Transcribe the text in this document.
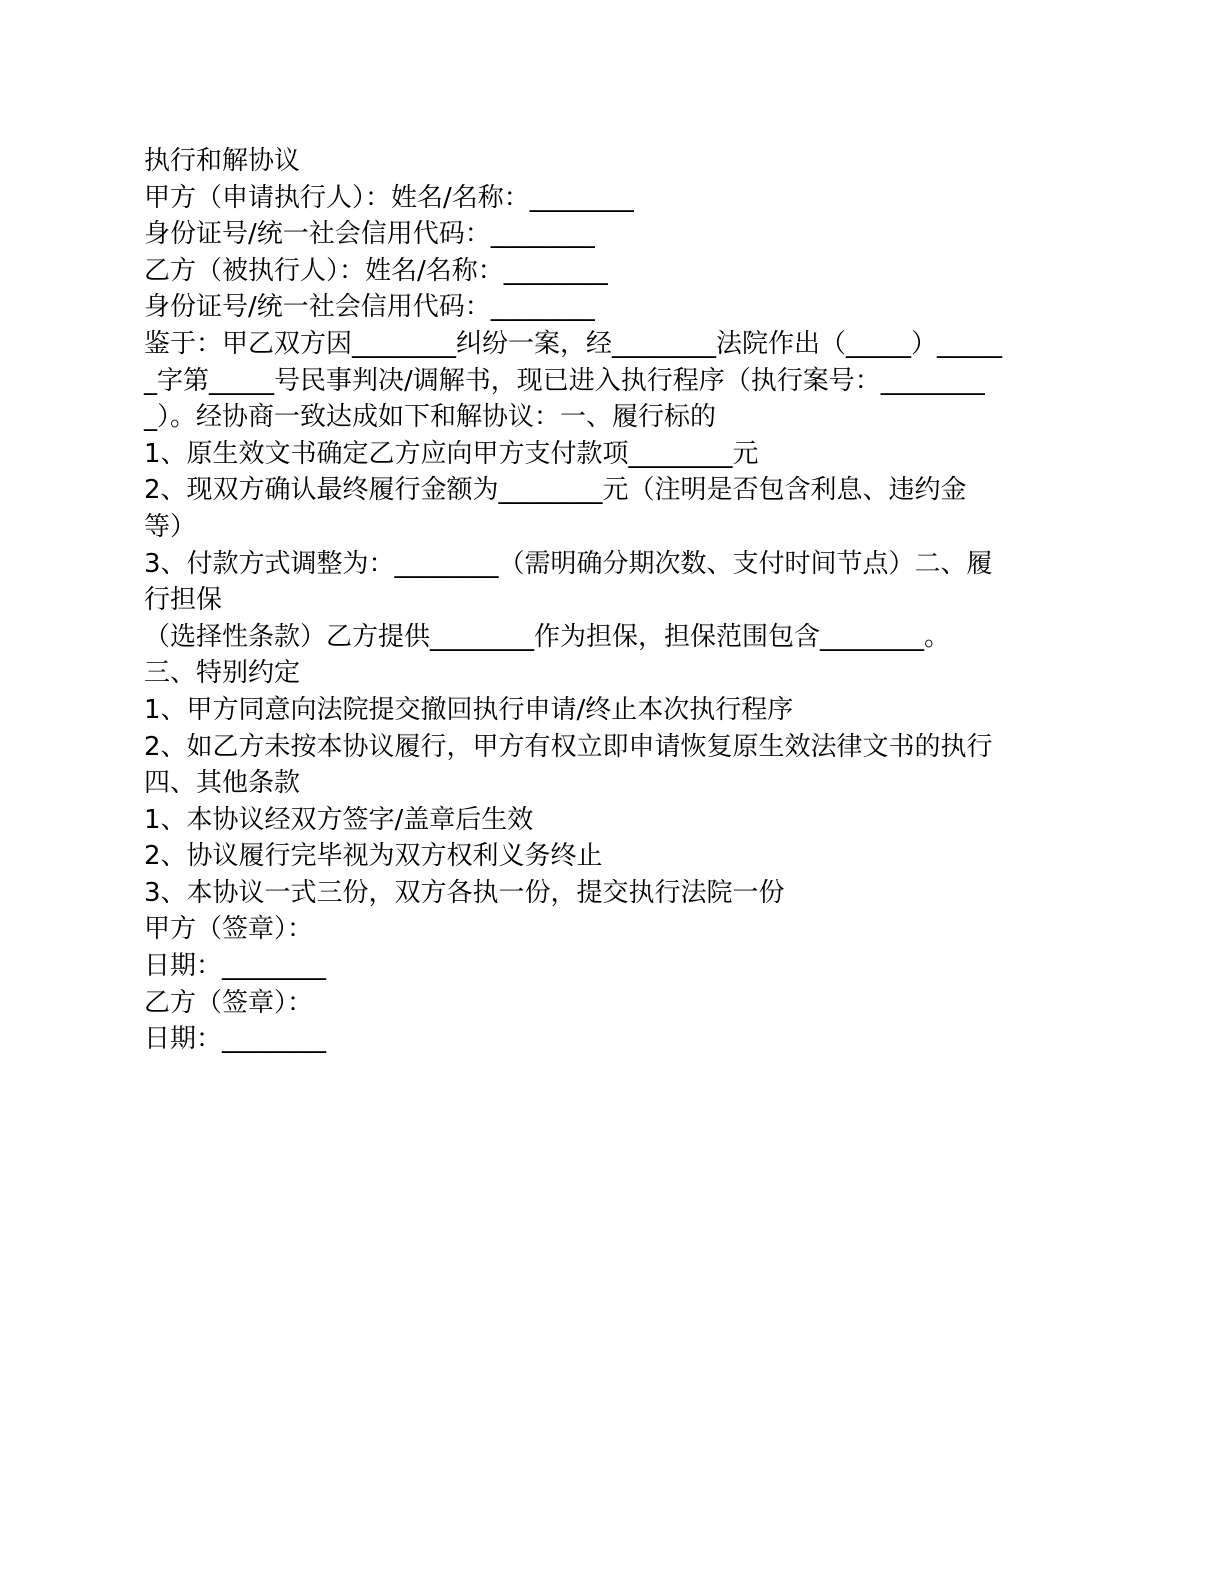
执行和解协议

甲方（申请执行人）：姓名/名称：________

身份证号/统一社会信用代码：________

乙方（被执行人）：姓名/名称：________

身份证号/统一社会信用代码：________

鉴于：甲乙双方因________纠纷一案，经________法院作出（_____）_____

_字第_____号民事判决/调解书，现已进入执行程序（执行案号：________

_）。经协商一致达成如下和解协议：一、履行标的

1、原生效文书确定乙方应向甲方支付款项________元

2、现双方确认最终履行金额为________元（注明是否包含利息、违约金

等）

3、付款方式调整为：________（需明确分期次数、支付时间节点）二、履

行担保

（选择性条款）乙方提供________作为担保，担保范围包含________。

三、特别约定

1、甲方同意向法院提交撤回执行申请/终止本次执行程序

2、如乙方未按本协议履行，甲方有权立即申请恢复原生效法律文书的执行

四、其他条款

1、本协议经双方签字/盖章后生效

2、协议履行完毕视为双方权利义务终止

3、本协议一式三份，双方各执一份，提交执行法院一份

甲方（签章）：

日期：________

乙方（签章）：

日期：________
